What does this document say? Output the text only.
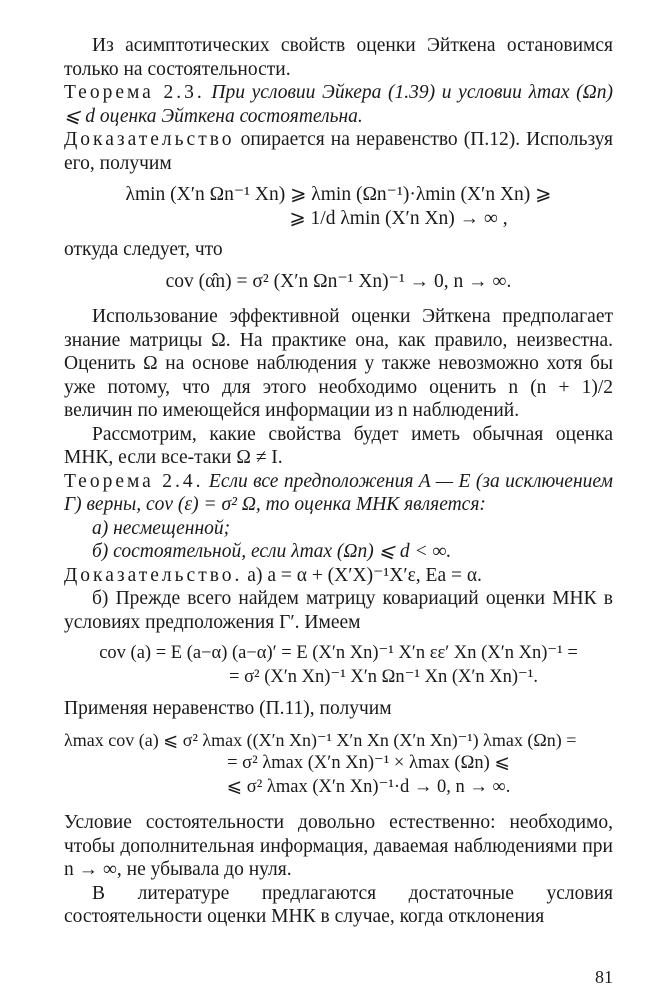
Из асимптотических свойств оценки Эйткена остановимся только на состоятельности.

Теорема 2.3. При условии Эйкера (1.39) и условии λmax (Ωn) ⩽ d оценка Эйткена состоятельна.

Доказательство опирается на неравенство (П.12). Используя его, получим

λmin (X′n Ωn⁻¹ Xn) ⩾ λmin (Ωn⁻¹)·λmin (X′n Xn) ⩾

⩾ 1/d λmin (X′n Xn) → ∞ ,

откуда следует, что

cov (α̂n) = σ² (X′n Ωn⁻¹ Xn)⁻¹ → 0, n → ∞.

Использование эффективной оценки Эйткена предполагает знание матрицы Ω. На практике она, как правило, неизвестна. Оценить Ω на основе наблюдения y также невозможно хотя бы уже потому, что для этого необходимо оценить n (n + 1)/2 величин по имеющейся информации из n наблюдений.

Рассмотрим, какие свойства будет иметь обычная оценка МНК, если все-таки Ω ≠ I.

Теорема 2.4. Если все предположения A — E (за исключением Г) верны, cov (ε) = σ² Ω, то оценка МНК является:

а) несмещенной;

б) состоятельной, если λmax (Ωn) ⩽ d < ∞.

Доказательство. а) a = α + (X′X)⁻¹X′ε, Ea = α.

б) Прежде всего найдем матрицу ковариаций оценки МНК в условиях предположения Г′. Имеем

cov (a) = E (a−α) (a−α)′ = E (X′n Xn)⁻¹ X′n εε′ Xn (X′n Xn)⁻¹ =

= σ² (X′n Xn)⁻¹ X′n Ωn⁻¹ Xn (X′n Xn)⁻¹.

Применяя неравенство (П.11), получим

λmax cov (a) ⩽ σ² λmax ((X′n Xn)⁻¹ X′n Xn (X′n Xn)⁻¹) λmax (Ωn) =

= σ² λmax (X′n Xn)⁻¹ × λmax (Ωn) ⩽

⩽ σ² λmax (X′n Xn)⁻¹·d → 0, n → ∞.

Условие состоятельности довольно естественно: необходимо, чтобы дополнительная информация, даваемая наблюдениями при n → ∞, не убывала до нуля.

В литературе предлагаются достаточные условия состоятельности оценки МНК в случае, когда отклонения

81
